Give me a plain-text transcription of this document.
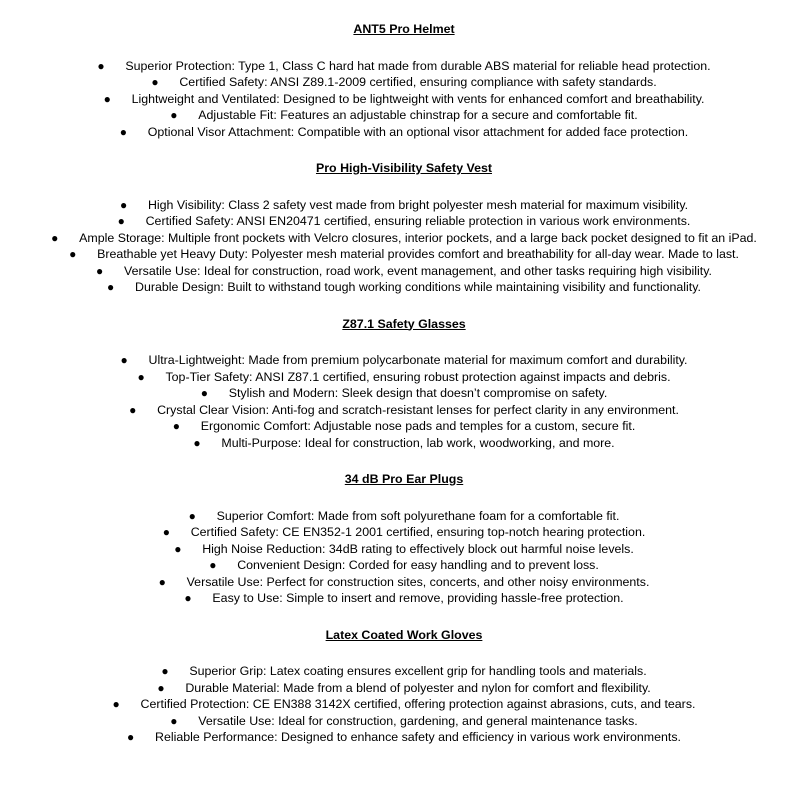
ANT5 Pro Helmet
● Superior Protection: Type 1, Class C hard hat made from durable ABS material for reliable head protection.
● Certified Safety: ANSI Z89.1-2009 certified, ensuring compliance with safety standards.
● Lightweight and Ventilated: Designed to be lightweight with vents for enhanced comfort and breathability.
● Adjustable Fit: Features an adjustable chinstrap for a secure and comfortable fit.
● Optional Visor Attachment: Compatible with an optional visor attachment for added face protection.
Pro High-Visibility Safety Vest
● High Visibility: Class 2 safety vest made from bright polyester mesh material for maximum visibility.
● Certified Safety: ANSI EN20471 certified, ensuring reliable protection in various work environments.
● Ample Storage: Multiple front pockets with Velcro closures, interior pockets, and a large back pocket designed to fit an iPad.
● Breathable yet Heavy Duty: Polyester mesh material provides comfort and breathability for all-day wear. Made to last.
● Versatile Use: Ideal for construction, road work, event management, and other tasks requiring high visibility.
● Durable Design: Built to withstand tough working conditions while maintaining visibility and functionality.
Z87.1 Safety Glasses
● Ultra-Lightweight: Made from premium polycarbonate material for maximum comfort and durability.
● Top-Tier Safety: ANSI Z87.1 certified, ensuring robust protection against impacts and debris.
● Stylish and Modern: Sleek design that doesn’t compromise on safety.
● Crystal Clear Vision: Anti-fog and scratch-resistant lenses for perfect clarity in any environment.
● Ergonomic Comfort: Adjustable nose pads and temples for a custom, secure fit.
● Multi-Purpose: Ideal for construction, lab work, woodworking, and more.
34 dB Pro Ear Plugs
● Superior Comfort: Made from soft polyurethane foam for a comfortable fit.
● Certified Safety: CE EN352-1 2001 certified, ensuring top-notch hearing protection.
● High Noise Reduction: 34dB rating to effectively block out harmful noise levels.
● Convenient Design: Corded for easy handling and to prevent loss.
● Versatile Use: Perfect for construction sites, concerts, and other noisy environments.
● Easy to Use: Simple to insert and remove, providing hassle-free protection.
Latex Coated Work Gloves
● Superior Grip: Latex coating ensures excellent grip for handling tools and materials.
● Durable Material: Made from a blend of polyester and nylon for comfort and flexibility.
● Certified Protection: CE EN388 3142X certified, offering protection against abrasions, cuts, and tears.
● Versatile Use: Ideal for construction, gardening, and general maintenance tasks.
● Reliable Performance: Designed to enhance safety and efficiency in various work environments.
